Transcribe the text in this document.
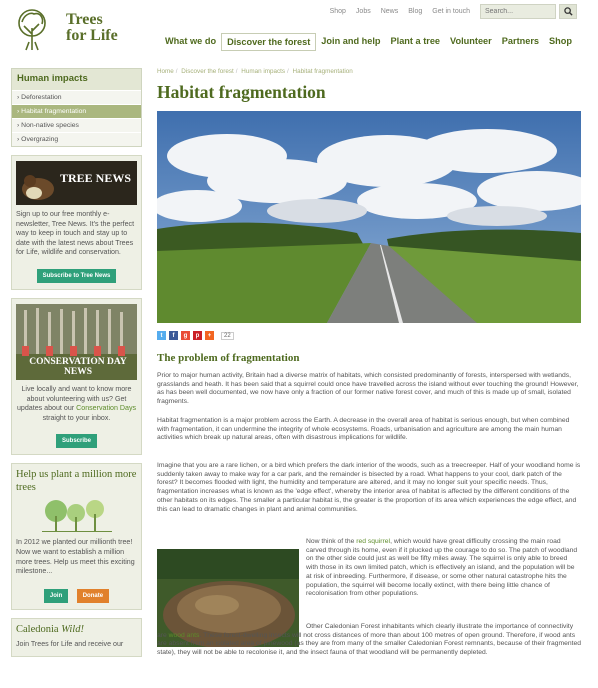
Trees
for Life
Shop Jobs News Blog Get in touch
Search...
What we do	Discover the forest	Join and help	Plant a tree	Volunteer	Partners	Shop
Human impacts
› Deforestation
› Habitat fragmentation
› Non-native species
› Overgrazing
TREE NEWS

Sign up to our free monthly e-newsletter, Tree News. It's the perfect way to keep in touch and stay up to date with the latest news about Trees for Life, wildlife and conservation.

Subscribe to Tree News
CONSERVATION DAY NEWS

Live locally and want to know more about volunteering with us? Get updates about our Conservation Days straight to your inbox.

Subscribe
Help us plant a million more trees

In 2012 we planted our millionth tree! Now we want to establish a million more trees. Help us meet this exciting milestone...

Join	Donate
Caledonia Wild!

Join Trees for Life and receive our

Home / Discover the forest / Human impacts / Habitat fragmentation
Habitat fragmentation
t f g p +	22
The problem of fragmentation

Prior to major human activity, Britain had a diverse matrix of habitats, which consisted predominantly of forests, interspersed with wetlands, grasslands and heath. It has been said that a squirrel could once have travelled across the island without ever touching the ground! However, as has been well documented, we now have only a fraction of our former native forest cover, and much of this is made up of small, isolated fragments.

Habitat fragmentation is a major problem across the Earth. A decrease in the overall area of habitat is serious enough, but when combined with fragmentation, it can undermine the integrity of whole ecosystems. Roads, urbanisation and agriculture are among the main human activities which break up natural areas, often with disastrous implications for wildlife.

Imagine that you are a rare lichen, or a bird which prefers the dark interior of the woods, such as a treecreeper. Half of your woodland home is suddenly taken away to make way for a car park, and the remainder is bisected by a road. What happens to your cool, dark patch of the forest? It becomes flooded with light, the humidity and temperature are altered, and it may no longer suit your specific needs. Thus, fragmentation increases what is known as the 'edge effect', whereby the interior area of habitat is affected by the different conditions of the other habitats on its edges. The smaller a particular habitat is, the greater is the proportion of its area which experiences the edge effect, and this can lead to dramatic changes in plant and animal communities.

Now think of the red squirrel, which would have great difficulty crossing the main road carved through its home, even if it plucked up the courage to do so. The patch of woodland on the other side could just as well be fifty miles away. The squirrel is only able to breed with those in its own limited patch, which is effectively an island, and the population will be at risk of inbreeding. Furthermore, if disease, or some other natural catastrophe hits the population, the squirrel will become locally extinct, with there being little chance of recolonisation from other populations.

Other Caledonian Forest inhabitants which clearly illustrate the importance of connectivity are wood ants. These forest-dwelling insects will not cross distances of more than about 100 metres of open ground. Therefore, if wood ants are absent from an isolated area of pinewood (as they are from many of the smaller Caledonian Forest remnants, because of their fragmented state), they will not be able to recolonise it, and the insect fauna of that woodland will be permanently depleted.
